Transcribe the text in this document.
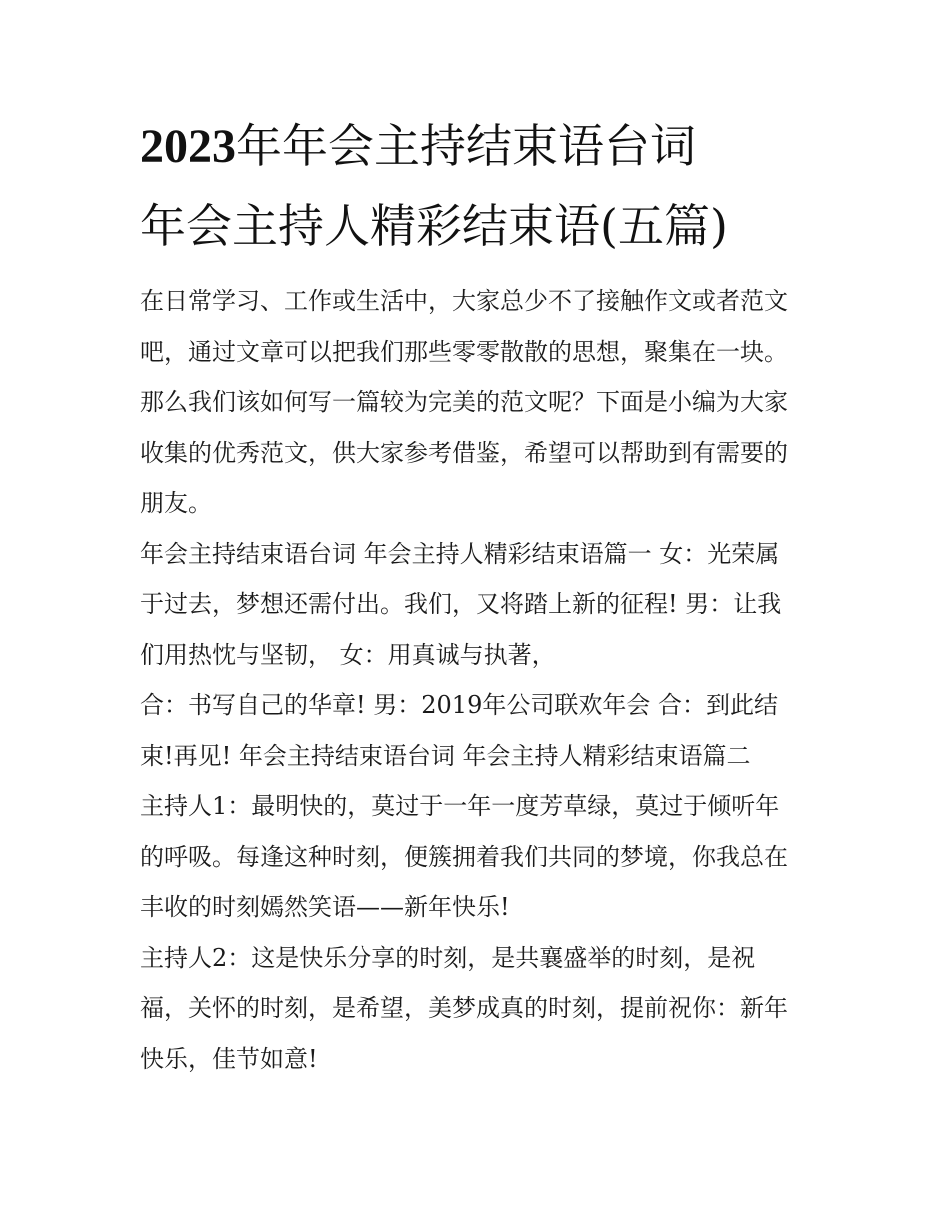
2023年年会主持结束语台词
年会主持人精彩结束语(五篇)
在日常学习、工作或生活中，大家总少不了接触作文或者范文
吧，通过文章可以把我们那些零零散散的思想，聚集在一块。
那么我们该如何写一篇较为完美的范文呢？下面是小编为大家
收集的优秀范文，供大家参考借鉴，希望可以帮助到有需要的
朋友。
年会主持结束语台词 年会主持人精彩结束语篇一 女：光荣属
于过去，梦想还需付出。我们，又将踏上新的征程! 男：让我
们用热忱与坚韧， 女：用真诚与执著，
合：书写自己的华章! 男：2019年公司联欢年会 合：到此结
束!再见! 年会主持结束语台词 年会主持人精彩结束语篇二
主持人1：最明快的，莫过于一年一度芳草绿，莫过于倾听年
的呼吸。每逢这种时刻，便簇拥着我们共同的梦境，你我总在
丰收的时刻嫣然笑语——新年快乐!
主持人2：这是快乐分享的时刻，是共襄盛举的时刻，是祝
福，关怀的时刻，是希望，美梦成真的时刻，提前祝你：新年
快乐，佳节如意!
